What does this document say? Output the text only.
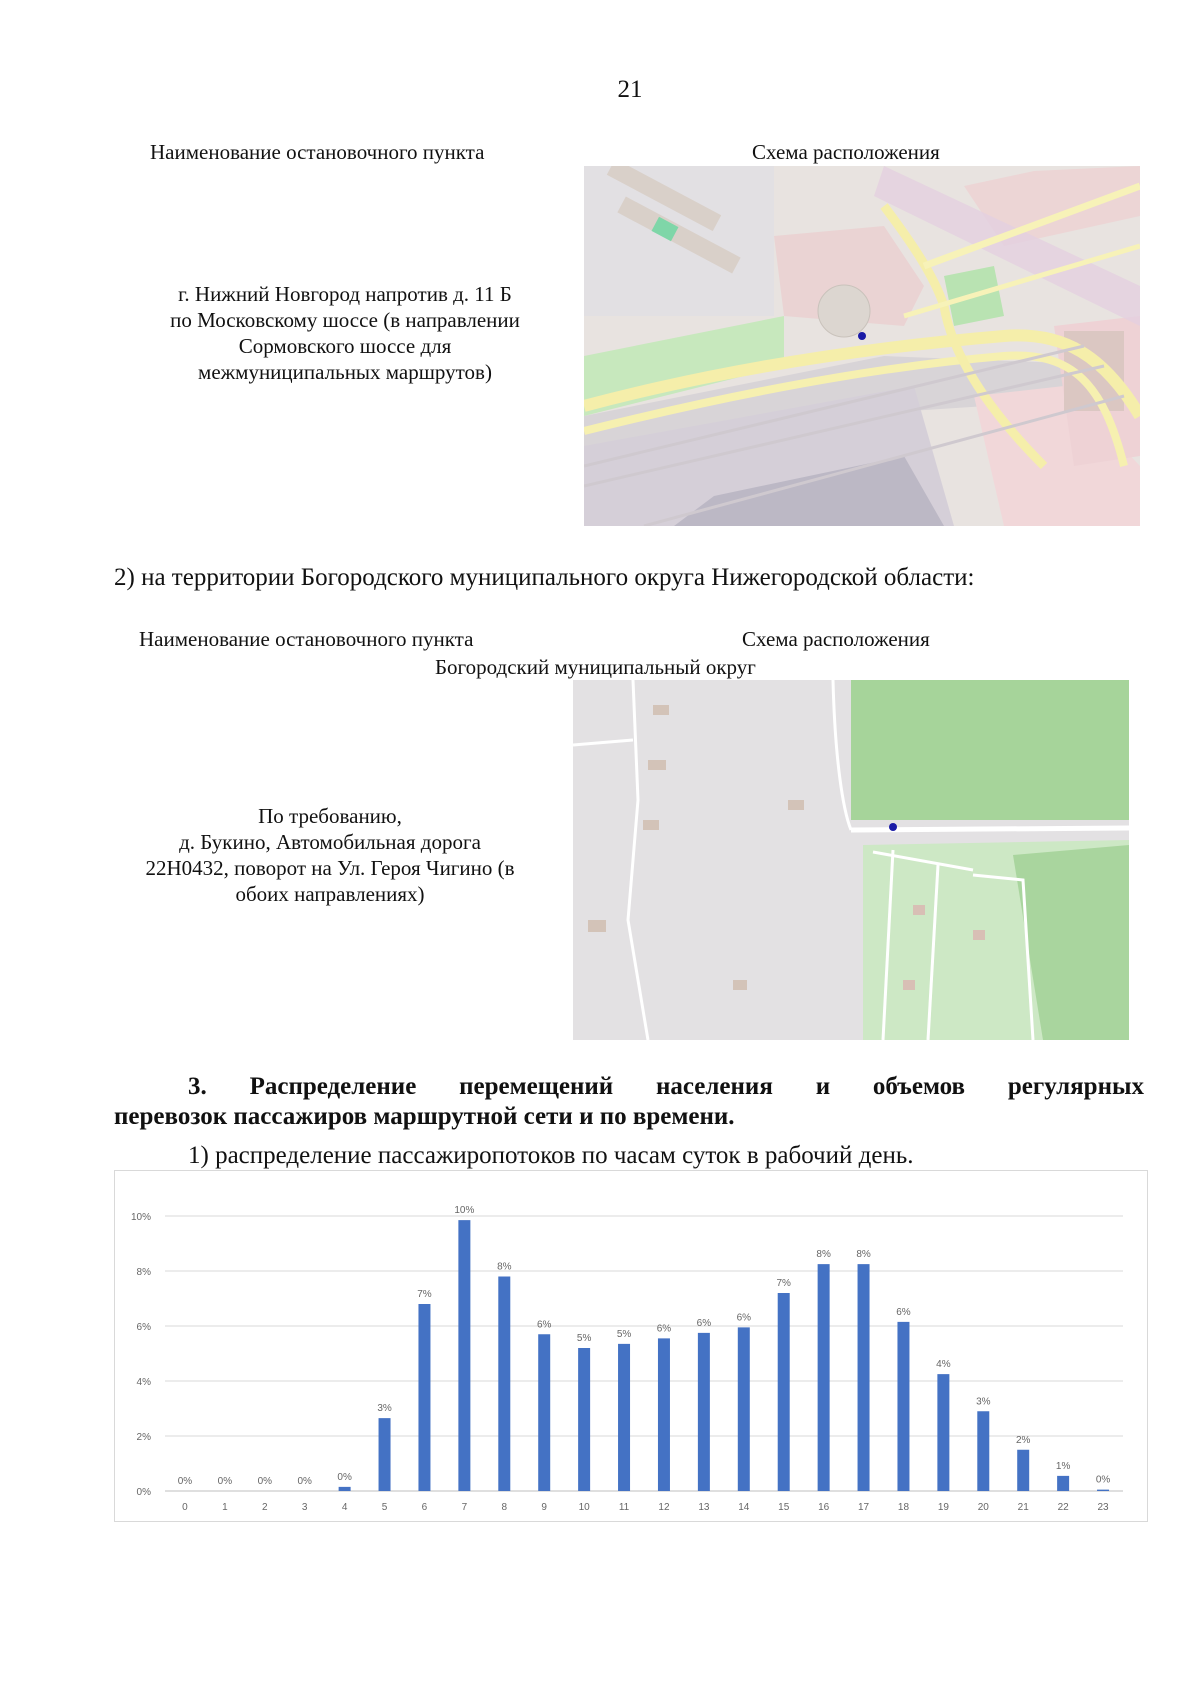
21
Наименование остановочного пункта	Схема расположения
г. Нижний Новгород напротив д. 11 Б
по Московскому шоссе (в направлении
Сормовского шоссе для
межмуниципальных маршрутов)
2) на территории Богородского муниципального округа Нижегородской области:
Наименование остановочного пункта	Схема расположения
Богородский муниципальный округ
По требованию,
д. Букино, Автомобильная дорога
22Н0432, поворот на Ул. Героя Чигино (в
обоих направлениях)
3. Распределение перемещений населения и объемов регулярных
перевозок пассажиров маршрутной сети и по времени.
1) распределение пассажиропотоков по часам суток в рабочий день.
0%
2%
4%
6%
8%
10%
0%
0
0%
1
0%
2
0%
3
0%
4
3%
5
7%
6
10%
7
8%
8
6%
9
5%
10
5%
11
6%
12
6%
13
6%
14
7%
15
8%
16
8%
17
6%
18
4%
19
3%
20
2%
21
1%
22
0%
23
